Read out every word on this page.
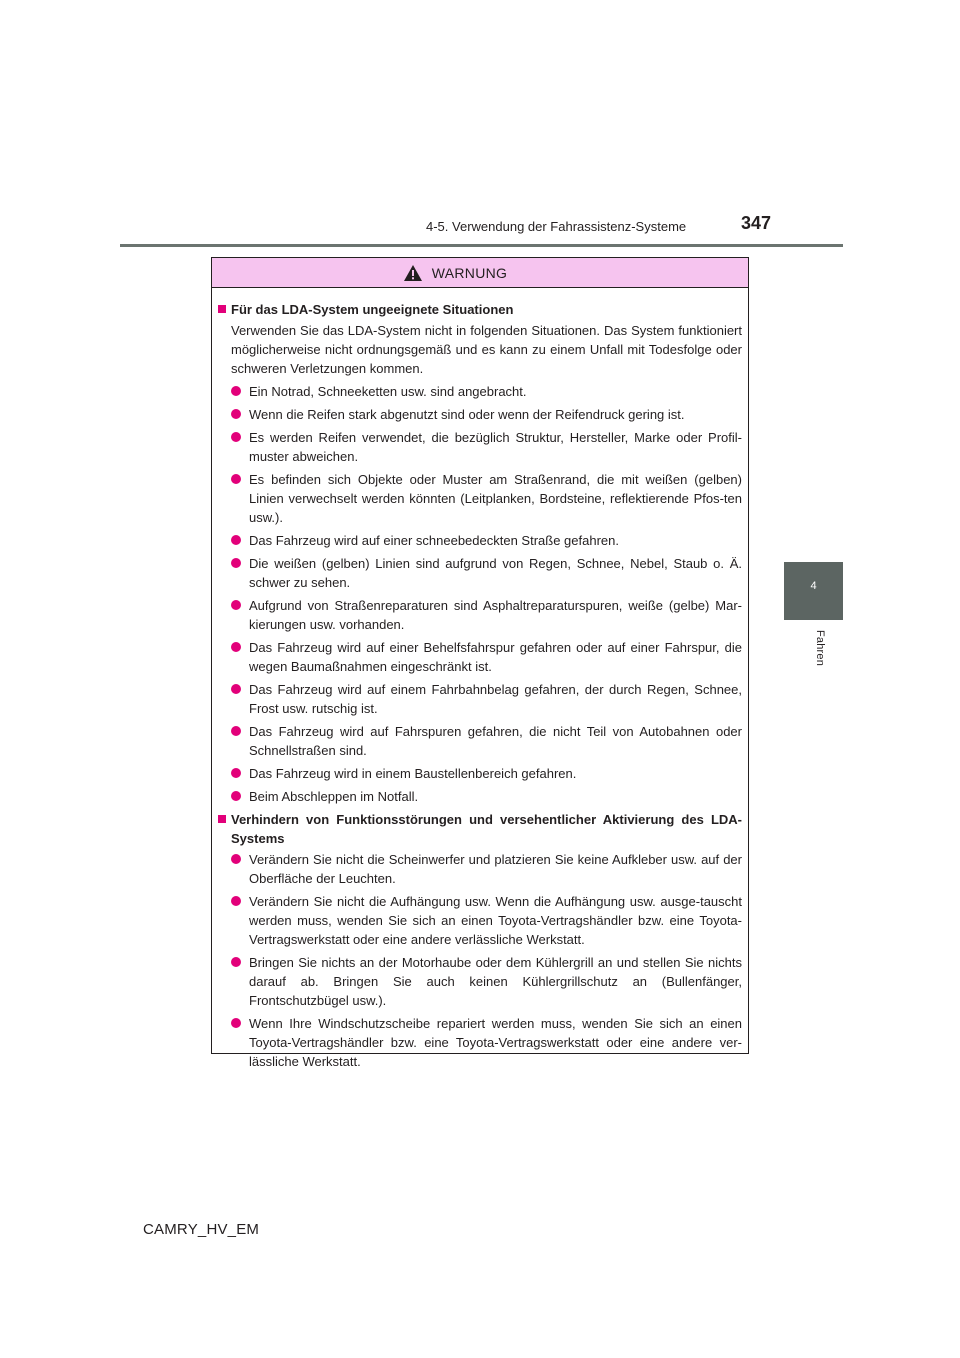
4-5. Verwendung der Fahrassistenz-Systeme	347
4
Fahren
WARNUNG
Für das LDA-System ungeeignete Situationen
Verwenden Sie das LDA-System nicht in folgenden Situationen. Das System funktioniert möglicherweise nicht ordnungsgemäß und es kann zu einem Unfall mit Todesfolge oder schweren Verletzungen kommen.
Ein Notrad, Schneeketten usw. sind angebracht.
Wenn die Reifen stark abgenutzt sind oder wenn der Reifendruck gering ist.
Es werden Reifen verwendet, die bezüglich Struktur, Hersteller, Marke oder Profil-muster abweichen.
Es befinden sich Objekte oder Muster am Straßenrand, die mit weißen (gelben) Linien verwechselt werden könnten (Leitplanken, Bordsteine, reflektierende Pfos-ten usw.).
Das Fahrzeug wird auf einer schneebedeckten Straße gefahren.
Die weißen (gelben) Linien sind aufgrund von Regen, Schnee, Nebel, Staub o. Ä. schwer zu sehen.
Aufgrund von Straßenreparaturen sind Asphaltreparaturspuren, weiße (gelbe) Mar-kierungen usw. vorhanden.
Das Fahrzeug wird auf einer Behelfsfahrspur gefahren oder auf einer Fahrspur, die wegen Baumaßnahmen eingeschränkt ist.
Das Fahrzeug wird auf einem Fahrbahnbelag gefahren, der durch Regen, Schnee, Frost usw. rutschig ist.
Das Fahrzeug wird auf Fahrspuren gefahren, die nicht Teil von Autobahnen oder Schnellstraßen sind.
Das Fahrzeug wird in einem Baustellenbereich gefahren.
Beim Abschleppen im Notfall.
Verhindern von Funktionsstörungen und versehentlicher Aktivierung des LDA-Systems
Verändern Sie nicht die Scheinwerfer und platzieren Sie keine Aufkleber usw. auf der Oberfläche der Leuchten.
Verändern Sie nicht die Aufhängung usw. Wenn die Aufhängung usw. ausge-tauscht werden muss, wenden Sie sich an einen Toyota-Vertragshändler bzw. eine Toyota-Vertragswerkstatt oder eine andere verlässliche Werkstatt.
Bringen Sie nichts an der Motorhaube oder dem Kühlergrill an und stellen Sie nichts darauf ab. Bringen Sie auch keinen Kühlergrillschutz an (Bullenfänger, Frontschutzbügel usw.).
Wenn Ihre Windschutzscheibe repariert werden muss, wenden Sie sich an einen Toyota-Vertragshändler bzw. eine Toyota-Vertragswerkstatt oder eine andere ver-lässliche Werkstatt.
CAMRY_HV_EM
